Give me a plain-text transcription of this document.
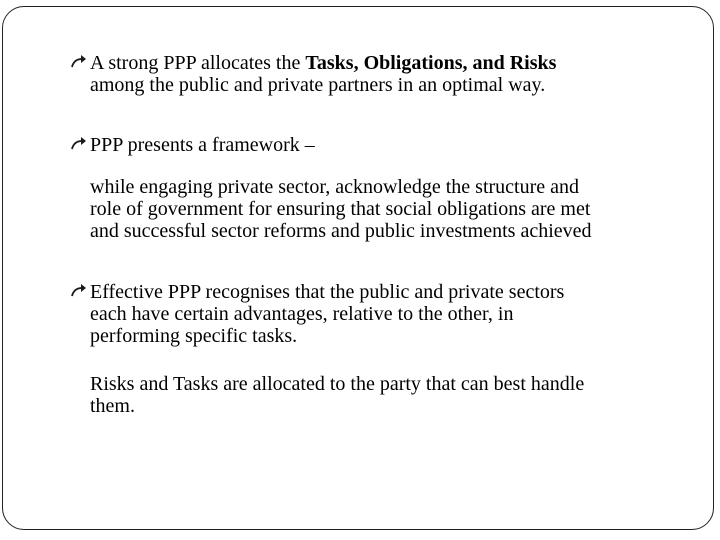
A strong PPP allocates the Tasks, Obligations, and Risks
among the public and private partners in an optimal way.
PPP presents a framework –
while engaging private sector, acknowledge the structure and
role of government for ensuring that social obligations are met
and successful sector reforms and public investments achieved
Effective PPP recognises that the public and private sectors
each have certain advantages, relative to the other, in
performing specific tasks.
Risks and Tasks are allocated to the party that can best handle
them.
